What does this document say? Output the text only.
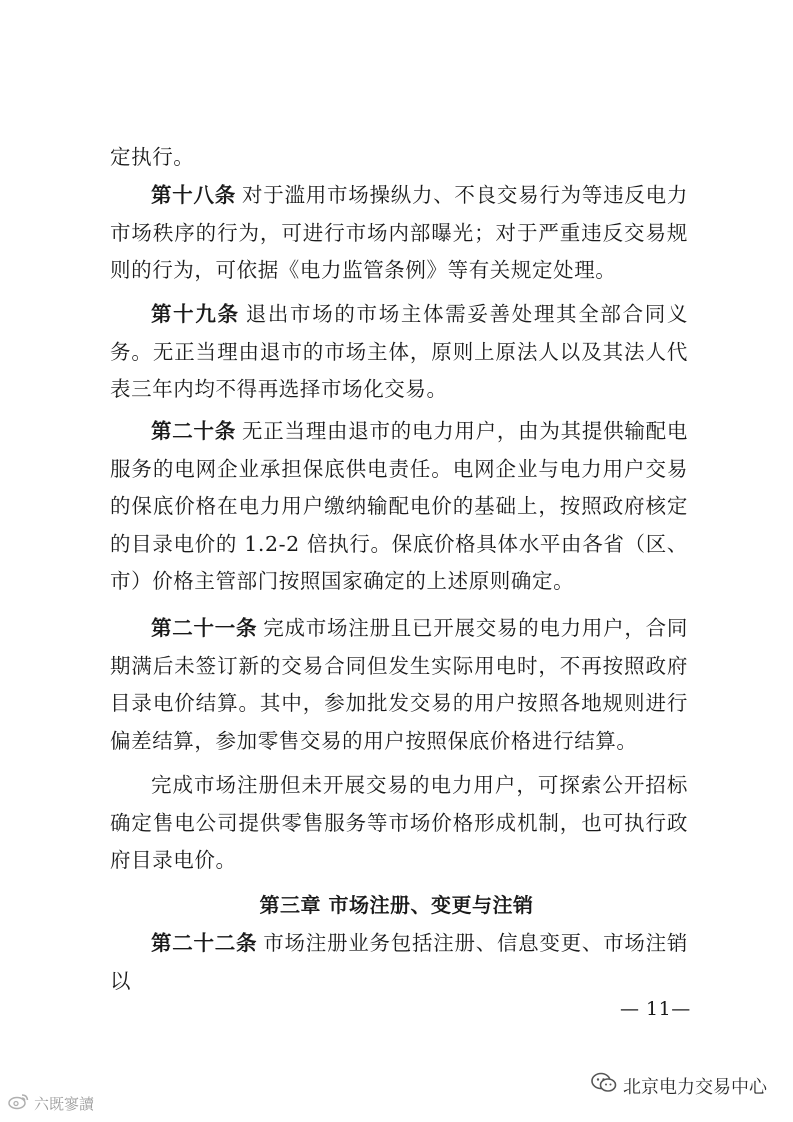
定执行。

第十八条 对于滥用市场操纵力、不良交易行为等违反电力市场秩序的行为，可进行市场内部曝光；对于严重违反交易规则的行为，可依据《电力监管条例》等有关规定处理。

第十九条 退出市场的市场主体需妥善处理其全部合同义务。无正当理由退市的市场主体，原则上原法人以及其法人代表三年内均不得再选择市场化交易。

第二十条 无正当理由退市的电力用户，由为其提供输配电服务的电网企业承担保底供电责任。电网企业与电力用户交易的保底价格在电力用户缴纳输配电价的基础上，按照政府核定的目录电价的 1.2-2 倍执行。保底价格具体水平由各省（区、市）价格主管部门按照国家确定的上述原则确定。

第二十一条 完成市场注册且已开展交易的电力用户，合同期满后未签订新的交易合同但发生实际用电时，不再按照政府目录电价结算。其中，参加批发交易的用户按照各地规则进行偏差结算，参加零售交易的用户按照保底价格进行结算。

完成市场注册但未开展交易的电力用户，可探索公开招标确定售电公司提供零售服务等市场价格形成机制，也可执行政府目录电价。

第三章 市场注册、变更与注销

第二十二条 市场注册业务包括注册、信息变更、市场注销以

— 11—
北京电力交易中心
六既寥讀
